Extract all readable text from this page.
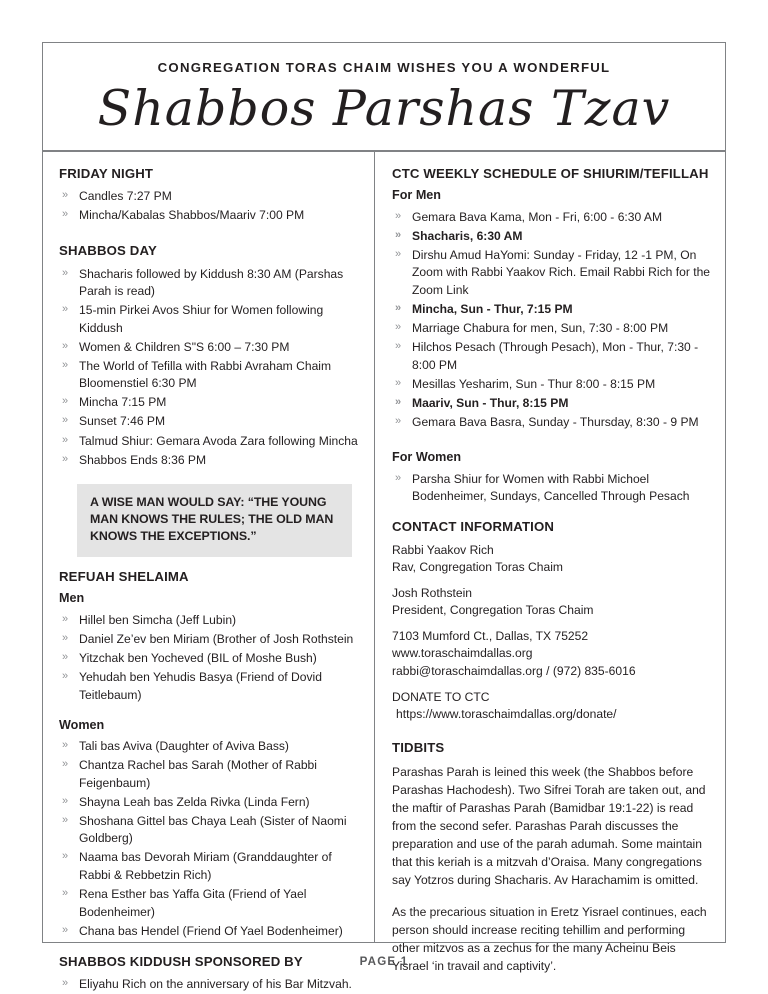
CONGREGATION TORAS CHAIM WISHES YOU A WONDERFUL
Shabbos Parshas Tzav
FRIDAY NIGHT
» Candles 7:27 PM
» Mincha/Kabalas Shabbos/Maariv 7:00 PM
SHABBOS DAY
» Shacharis followed by Kiddush 8:30 AM (Parshas Parah is read)
» 15-min Pirkei Avos Shiur for Women following Kiddush
» Women & Children S"S 6:00 – 7:30 PM
» The World of Tefilla with Rabbi Avraham Chaim Bloomenstiel 6:30 PM
» Mincha 7:15 PM
» Sunset 7:46 PM
» Talmud Shiur: Gemara Avoda Zara following Mincha
» Shabbos Ends 8:36 PM
A WISE MAN WOULD SAY: “THE YOUNG MAN KNOWS THE RULES; THE OLD MAN KNOWS THE EXCEPTIONS.”
REFUAH SHELAIMA
Men
» Hillel ben Simcha (Jeff Lubin)
» Daniel Ze’ev ben Miriam (Brother of Josh Rothstein
» Yitzchak ben Yocheved (BIL of Moshe Bush)
» Yehudah ben Yehudis Basya (Friend of Dovid Teitlebaum)
Women
» Tali bas Aviva (Daughter of Aviva Bass)
» Chantza Rachel bas Sarah (Mother of Rabbi Feigenbaum)
» Shayna Leah bas Zelda Rivka (Linda Fern)
» Shoshana Gittel bas Chaya Leah (Sister of Naomi Goldberg)
» Naama bas Devorah Miriam (Granddaughter of Rabbi & Rebbetzin Rich)
» Rena Esther bas Yaffa Gita (Friend of Yael Bodenheimer)
» Chana bas Hendel (Friend Of Yael Bodenheimer)
SHABBOS KIDDUSH SPONSORED BY
» Eliyahu Rich on the anniversary of his Bar Mitzvah.
CTC WEEKLY SCHEDULE OF SHIURIM/TEFILLAH
For Men
» Gemara Bava Kama, Mon - Fri, 6:00 - 6:30 AM
» Shacharis, 6:30 AM
» Dirshu Amud HaYomi: Sunday - Friday, 12 -1 PM, On Zoom with Rabbi Yaakov Rich. Email Rabbi Rich for the Zoom Link
» Mincha, Sun - Thur, 7:15 PM
» Marriage Chabura for men, Sun, 7:30 - 8:00 PM
» Hilchos Pesach (Through Pesach), Mon - Thur, 7:30 - 8:00 PM
» Mesillas Yesharim, Sun - Thur 8:00 - 8:15 PM
» Maariv, Sun - Thur, 8:15 PM
» Gemara Bava Basra, Sunday - Thursday, 8:30 - 9 PM
For Women
» Parsha Shiur for Women with Rabbi Michoel Bodenheimer, Sundays, Cancelled Through Pesach
CONTACT INFORMATION
Rabbi Yaakov Rich
Rav, Congregation Toras Chaim
Josh Rothstein
President, Congregation Toras Chaim
7103 Mumford Ct., Dallas, TX 75252
www.toraschaimdallas.org
rabbi@toraschaimdallas.org / (972) 835-6016
DONATE TO CTC
https://www.toraschaimdallas.org/donate/
TIDBITS

Parashas Parah is leined this week (the Shabbos before Parashas Hachodesh). Two Sifrei Torah are taken out, and the maftir of Parashas Parah (Bamidbar 19:1-22) is read from the second sefer. Parashas Parah discusses the preparation and use of the parah adumah. Some maintain that this keriah is a mitzvah d’Oraisa. Many congregations say Yotzros during Shacharis. Av Harachamim is omitted.

As the precarious situation in Eretz Yisrael continues, each person should increase reciting tehillim and performing other mitzvos as a zechus for the many Acheinu Beis Yisrael ‘in travail and captivity’.

PAGE 1
